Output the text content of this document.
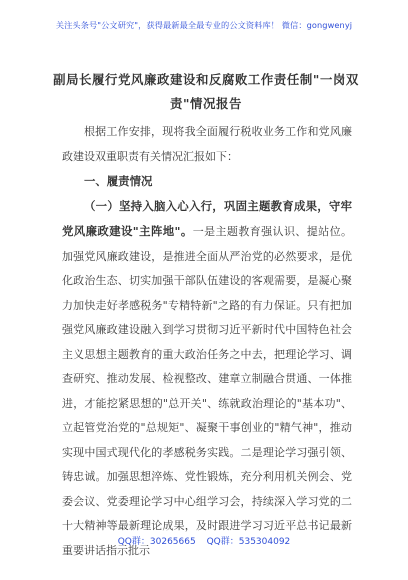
关注头条号"公文研究"，获得最新最全最专业的公文资料库！ 微信：gongwenyj
副局长履行党风廉政建设和反腐败工作责任制"一岗双责"情况报告

根据工作安排，现将我全面履行税收业务工作和党风廉政建设双重职责有关情况汇报如下：

一、履责情况

（一）坚持入脑入心入行，巩固主题教育成果，守牢党风廉政建设"主阵地"。一是主题教育强认识、提站位。加强党风廉政建设，是推进全面从严治党的必然要求，是优化政治生态、切实加强干部队伍建设的客观需要，是凝心聚力加快走好孝感税务"专精特新"之路的有力保证。只有把加强党风廉政建设融入到学习贯彻习近平新时代中国特色社会主义思想主题教育的重大政治任务之中去，把理论学习、调查研究、推动发展、检视整改、建章立制融合贯通、一体推进，才能挖紧思想的"总开关"、练就政治理论的"基本功"、立起管党治党的"总规矩"、凝聚干事创业的"精气神"，推动实现中国式现代化的孝感税务实践。二是理论学习强引领、铸忠诚。加强思想淬炼、党性锻炼，充分利用机关例会、党委会议、党委理论学习中心组学习会，持续深入学习党的二十大精神等最新理论成果，及时跟进学习习近平总书记最新重要讲话指示批示

QQ群：30265665 QQ群：535304092
